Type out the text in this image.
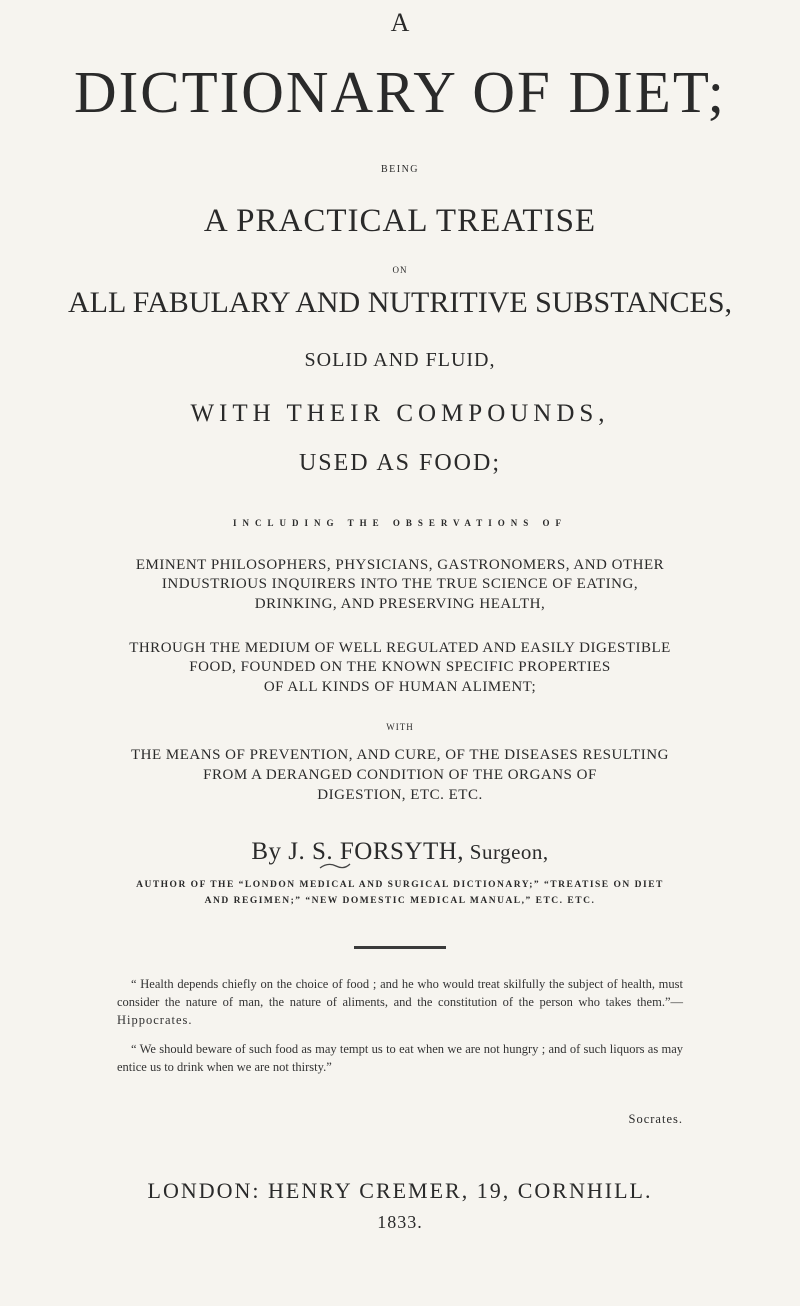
A
DICTIONARY OF DIET;
BEING
A PRACTICAL TREATISE
ON
ALL FABULARY AND NUTRITIVE SUBSTANCES,
SOLID AND FLUID,
WITH THEIR COMPOUNDS,
USED AS FOOD;
INCLUDING THE OBSERVATIONS OF
EMINENT PHILOSOPHERS, PHYSICIANS, GASTRONOMERS, AND OTHER
INDUSTRIOUS INQUIRERS INTO THE TRUE SCIENCE OF EATING,
DRINKING, AND PRESERVING HEALTH,
THROUGH THE MEDIUM OF WELL REGULATED AND EASILY DIGESTIBLE
FOOD, FOUNDED ON THE KNOWN SPECIFIC PROPERTIES
OF ALL KINDS OF HUMAN ALIMENT;
WITH
THE MEANS OF PREVENTION, AND CURE, OF THE DISEASES RESULTING
FROM A DERANGED CONDITION OF THE ORGANS OF
DIGESTION, ETC. ETC.
By J. S. FORSYTH, Surgeon,
AUTHOR OF THE “LONDON MEDICAL AND SURGICAL DICTIONARY;” “TREATISE ON DIET
AND REGIMEN;” “NEW DOMESTIC MEDICAL MANUAL,” ETC. ETC.
“ Health depends chiefly on the choice of food ; and he who would treat skilfully the subject of health, must consider the nature of man, the nature of aliments, and the constitution of the person who takes them.”—Hippocrates.
“ We should beware of such food as may tempt us to eat when we are not hungry ; and of such liquors as may entice us to drink when we are not thirsty.”
Socrates.
LONDON: HENRY CREMER, 19, CORNHILL.
1833.
